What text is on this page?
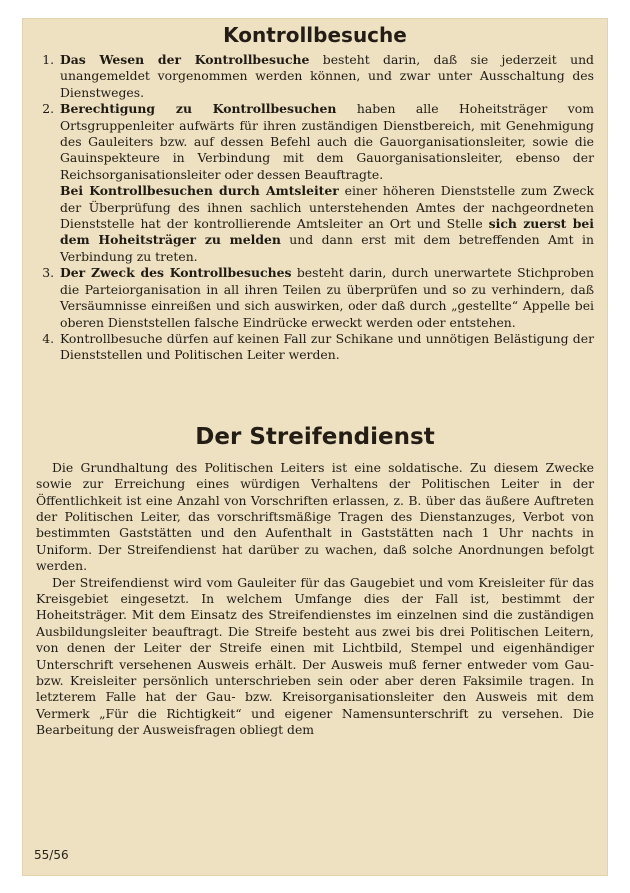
Kontrollbesuche
1. Das Wesen der Kontrollbesuche besteht darin, daß sie jederzeit und unangemeldet vorgenommen werden können, und zwar unter Ausschaltung des Dienstweges.
2. Berechtigung zu Kontrollbesuchen haben alle Hoheitsträger vom Ortsgruppenleiter aufwärts für ihren zuständigen Dienstbereich, mit Genehmigung des Gauleiters bzw. auf dessen Befehl auch die Gauorganisationsleiter, sowie die Gauinspekteure in Verbindung mit dem Gauorganisationsleiter, ebenso der Reichsorganisationsleiter oder dessen Beauftragte.
Bei Kontrollbesuchen durch Amtsleiter einer höheren Dienststelle zum Zweck der Überprüfung des ihnen sachlich unterstehenden Amtes der nachgeordneten Dienststelle hat der kontrollierende Amtsleiter an Ort und Stelle sich zuerst bei dem Hoheitsträger zu melden und dann erst mit dem betreffenden Amt in Verbindung zu treten.
3. Der Zweck des Kontrollbesuches besteht darin, durch unerwartete Stichproben die Parteiorganisation in all ihren Teilen zu überprüfen und so zu verhindern, daß Versäumnisse einreißen und sich auswirken, oder daß durch „gestellte“ Appelle bei oberen Dienststellen falsche Eindrücke erweckt werden oder entstehen.
4. Kontrollbesuche dürfen auf keinen Fall zur Schikane und unnötigen Belästigung der Dienststellen und Politischen Leiter werden.
Der Streifendienst

Die Grundhaltung des Politischen Leiters ist eine soldatische. Zu diesem Zwecke sowie zur Erreichung eines würdigen Verhaltens der Politischen Leiter in der Öffentlichkeit ist eine Anzahl von Vorschriften erlassen, z. B. über das äußere Auftreten der Politischen Leiter, das vorschriftsmäßige Tragen des Dienstanzuges, Verbot von bestimmten Gaststätten und den Aufenthalt in Gaststätten nach 1 Uhr nachts in Uniform. Der Streifendienst hat darüber zu wachen, daß solche Anordnungen befolgt werden.

Der Streifendienst wird vom Gauleiter für das Gaugebiet und vom Kreisleiter für das Kreisgebiet eingesetzt. In welchem Umfange dies der Fall ist, bestimmt der Hoheitsträger. Mit dem Einsatz des Streifendienstes im einzelnen sind die zuständigen Ausbildungsleiter beauftragt. Die Streife besteht aus zwei bis drei Politischen Leitern, von denen der Leiter der Streife einen mit Lichtbild, Stempel und eigenhändiger Unterschrift versehenen Ausweis erhält. Der Ausweis muß ferner entweder vom Gau- bzw. Kreisleiter persönlich unterschrieben sein oder aber deren Faksimile tragen. In letzterem Falle hat der Gau- bzw. Kreisorganisationsleiter den Ausweis mit dem Vermerk „Für die Richtigkeit“ und eigener Namensunterschrift zu versehen. Die Bearbeitung der Ausweisfragen obliegt dem

55/56
